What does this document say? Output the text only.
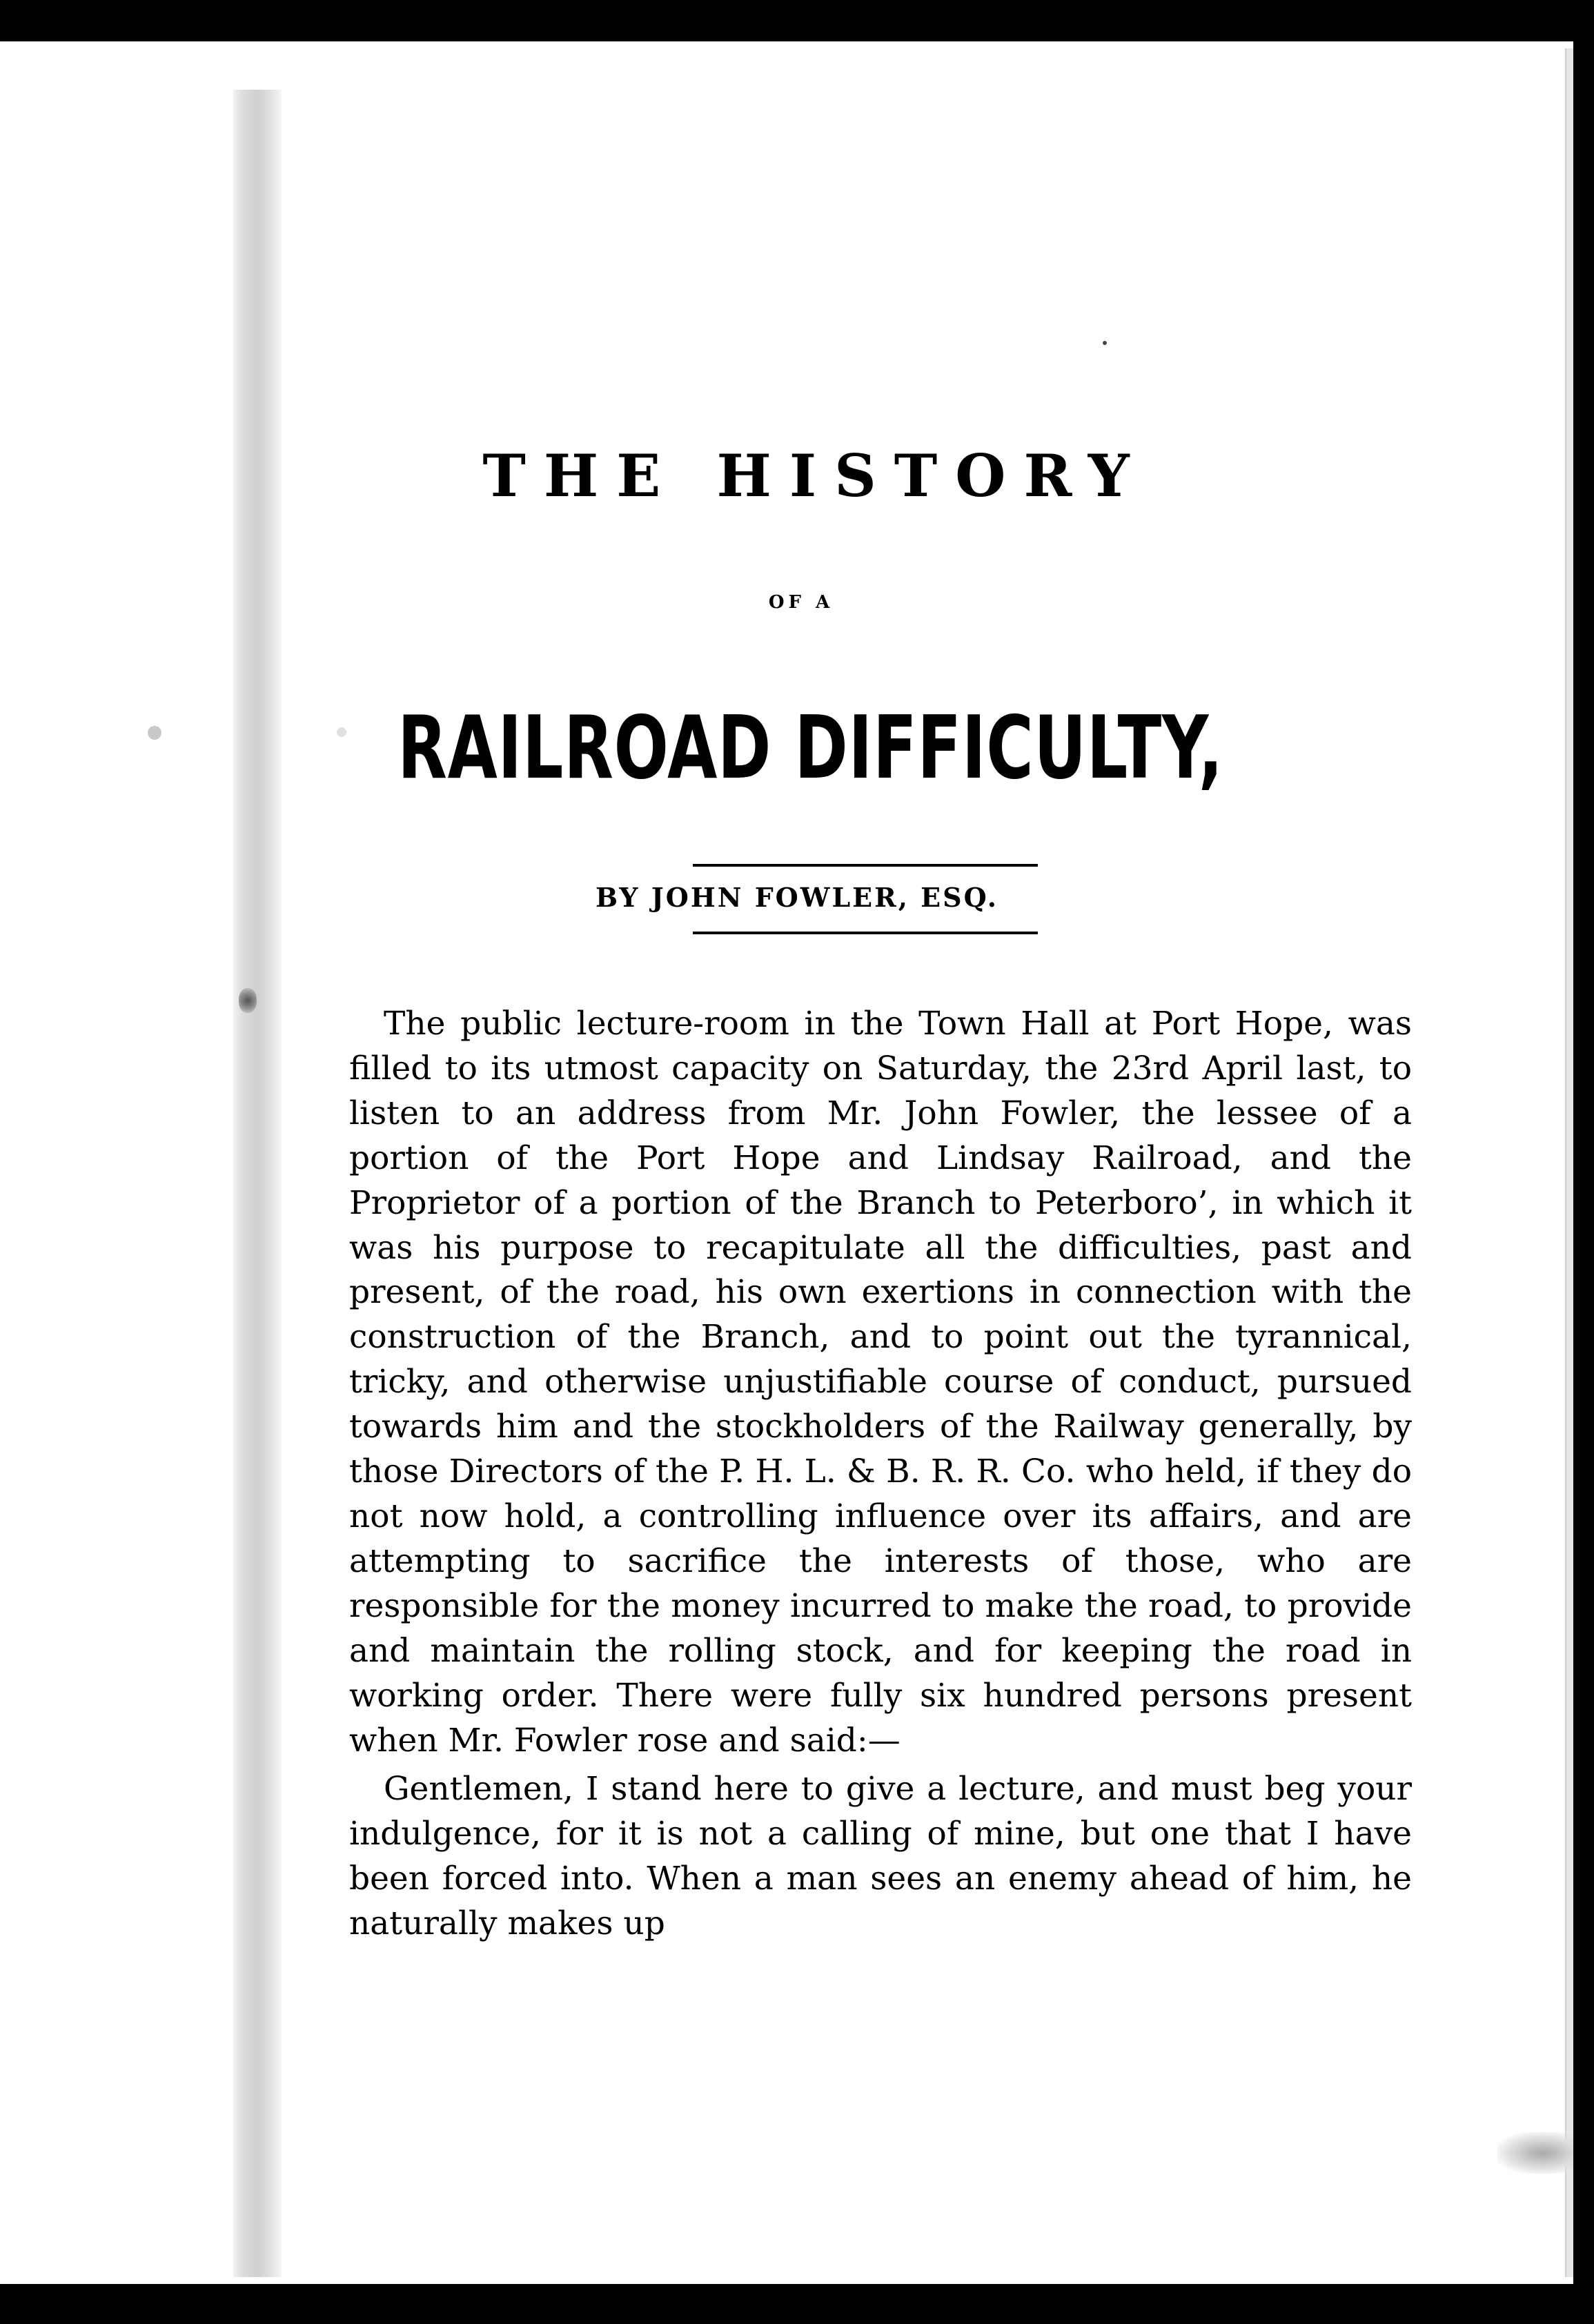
THE HISTORY
OF A
RAILROAD DIFFICULTY,
BY JOHN FOWLER, ESQ.

The public lecture-room in the Town Hall at Port Hope, was filled to its utmost capacity on Saturday, the 23rd April last, to listen to an address from Mr. John Fowler, the lessee of a portion of the Port Hope and Lindsay Railroad, and the Proprietor of a portion of the Branch to Peterboro’, in which it was his purpose to recapitulate all the difficulties, past and present, of the road, his own exertions in connection with the construction of the Branch, and to point out the tyrannical, tricky, and otherwise unjustifiable course of conduct, pursued towards him and the stockholders of the Railway generally, by those Directors of the P. H. L. & B. R. R. Co. who held, if they do not now hold, a controlling influence over its affairs, and are attempting to sacrifice the interests of those, who are responsible for the money incurred to make the road, to provide and maintain the rolling stock, and for keeping the road in working order. There were fully six hundred persons present when Mr. Fowler rose and said:—

Gentlemen, I stand here to give a lecture, and must beg your indulgence, for it is not a calling of mine, but one that I have been forced into. When a man sees an enemy ahead of him, he naturally makes up
